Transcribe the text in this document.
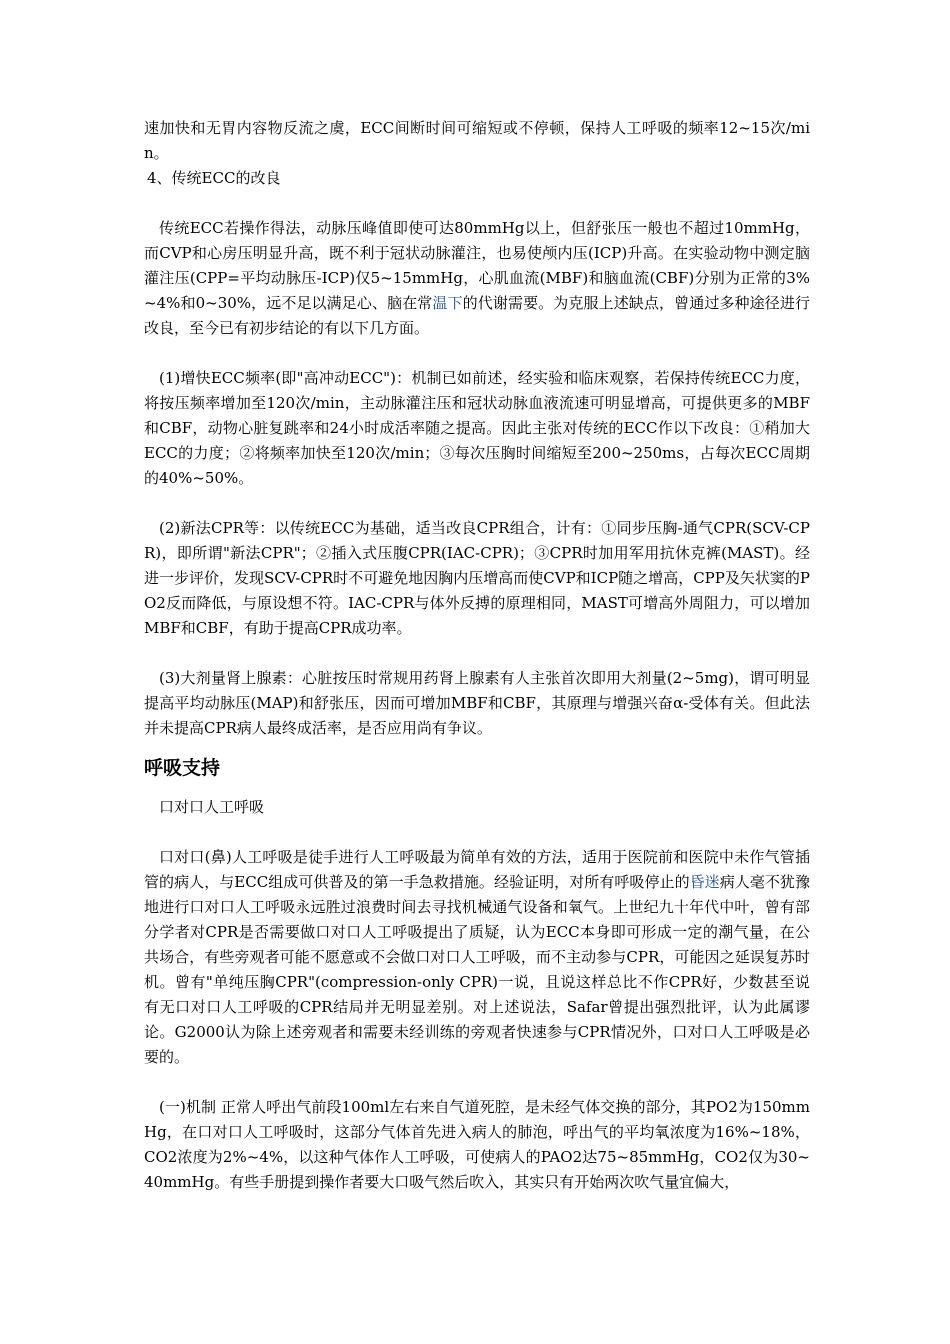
速加快和无胃内容物反流之虞，ECC间断时间可缩短或不停顿，保持人工呼吸的频率12~15次/min。

4、传统ECC的改良

传统ECC若操作得法，动脉压峰值即使可达80mmHg以上，但舒张压一般也不超过10mmHg，而CVP和心房压明显升高，既不利于冠状动脉灌注，也易使颅内压(ICP)升高。在实验动物中测定脑灌注压(CPP=平均动脉压-ICP)仅5~15mmHg，心肌血流(MBF)和脑血流(CBF)分别为正常的3%~4%和0~30%，远不足以满足心、脑在常温下的代谢需要。为克服上述缺点，曾通过多种途径进行改良，至今已有初步结论的有以下几方面。

(1)增快ECC频率(即"高冲动ECC")：机制已如前述，经实验和临床观察，若保持传统ECC力度，将按压频率增加至120次/min，主动脉灌注压和冠状动脉血液流速可明显增高，可提供更多的MBF和CBF，动物心脏复跳率和24小时成活率随之提高。因此主张对传统的ECC作以下改良：①稍加大ECC的力度；②将频率加快至120次/min；③每次压胸时间缩短至200~250ms，占每次ECC周期的40%~50%。

(2)新法CPR等：以传统ECC为基础，适当改良CPR组合，计有：①同步压胸-通气CPR(SCV-CPR)，即所谓"新法CPR"；②插入式压腹CPR(IAC-CPR)；③CPR时加用军用抗休克裤(MAST)。经进一步评价，发现SCV-CPR时不可避免地因胸内压增高而使CVP和ICP随之增高，CPP及矢状窦的PO2反而降低，与原设想不符。IAC-CPR与体外反搏的原理相同，MAST可增高外周阻力，可以增加MBF和CBF，有助于提高CPR成功率。

(3)大剂量肾上腺素：心脏按压时常规用药肾上腺素有人主张首次即用大剂量(2~5mg)，谓可明显提高平均动脉压(MAP)和舒张压，因而可增加MBF和CBF，其原理与增强兴奋α-受体有关。但此法并未提高CPR病人最终成活率，是否应用尚有争议。

呼吸支持

口对口人工呼吸

口对口(鼻)人工呼吸是徒手进行人工呼吸最为简单有效的方法，适用于医院前和医院中未作气管插管的病人，与ECC组成可供普及的第一手急救措施。经验证明，对所有呼吸停止的昏迷病人毫不犹豫地进行口对口人工呼吸永远胜过浪费时间去寻找机械通气设备和氧气。上世纪九十年代中叶，曾有部分学者对CPR是否需要做口对口人工呼吸提出了质疑，认为ECC本身即可形成一定的潮气量，在公共场合，有些旁观者可能不愿意或不会做口对口人工呼吸，而不主动参与CPR，可能因之延误复苏时机。曾有"单纯压胸CPR"(compression-only CPR)一说，且说这样总比不作CPR好，少数甚至说有无口对口人工呼吸的CPR结局并无明显差别。对上述说法，Safar曾提出强烈批评，认为此属谬论。G2000认为除上述旁观者和需要未经训练的旁观者快速参与CPR情况外，口对口人工呼吸是必要的。

(一)机制 正常人呼出气前段100ml左右来自气道死腔，是未经气体交换的部分，其PO2为150mmHg，在口对口人工呼吸时，这部分气体首先进入病人的肺泡，呼出气的平均氧浓度为16%~18%，CO2浓度为2%~4%，以这种气体作人工呼吸，可使病人的PAO2达75~85mmHg，CO2仅为30~40mmHg。有些手册提到操作者要大口吸气然后吹入，其实只有开始两次吹气量宜偏大，
